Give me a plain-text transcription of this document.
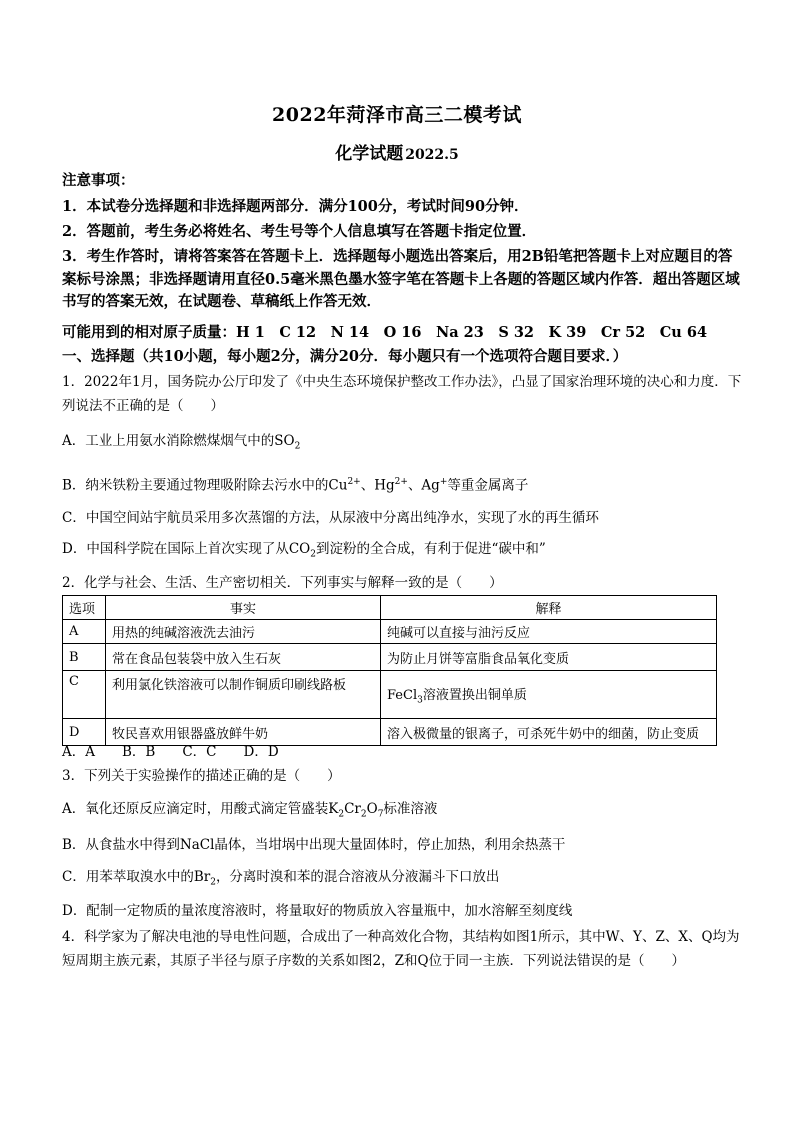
2022年菏泽市高三二模考试
化学试题 2022.5
注意事项：
1．本试卷分选择题和非选择题两部分．满分100分，考试时间90分钟．
2．答题前，考生务必将姓名、考生号等个人信息填写在答题卡指定位置．
3．考生作答时，请将答案答在答题卡上．选择题每小题选出答案后，用2B铅笔把答题卡上对应题目的答案标号涂黑；非选择题请用直径0.5毫米黑色墨水签字笔在答题卡上各题的答题区域内作答．超出答题区域书写的答案无效，在试题卷、草稿纸上作答无效．
可能用到的相对原子质量：H 1　C 12　N 14　O 16　Na 23　S 32　K 39　Cr 52　Cu 64
一、选择题（共10小题，每小题2分，满分20分．每小题只有一个选项符合题目要求．）
1．2022年1月，国务院办公厅印发了《中央生态环境保护整改工作办法》，凸显了国家治理环境的决心和力度．下列说法不正确的是（　　）
A．工业上用氨水消除燃煤烟气中的$SO_2$
B．纳米铁粉主要通过物理吸附除去污水中的$Cu^{2+}$、$Hg^{2+}$、Ag+等重金属离子
C．中国空间站宇航员采用多次蒸馏的方法，从尿液中分离出纯净水，实现了水的再生循环
D．中国科学院在国际上首次实现了从$CO_2$到淀粉的全合成，有利于促进“碳中和”
2．化学与社会、生活、生产密切相关．下列事实与解释一致的是（　　）
选项	事实	解释
A	用热的纯碱溶液洗去油污	纯碱可以直接与油污反应
B	常在食品包装袋中放入生石灰	为防止月饼等富脂食品氧化变质
C	利用氯化铁溶液可以制作铜质印刷线路板	FeCl$_3$溶液置换出铜单质
D	牧民喜欢用银器盛放鲜牛奶	溶入极微量的银离子，可杀死牛奶中的细菌，防止变质
A．A　　B．B　　C．C　　D．D
3．下列关于实验操作的描述正确的是（　　）
A．氧化还原反应滴定时，用酸式滴定管盛装$K_2Cr_2O_7$标准溶液
B．从食盐水中得到NaCl晶体，当坩埚中出现大量固体时，停止加热，利用余热蒸干
C．用苯萃取溴水中的$Br_2$，分离时溴和苯的混合溶液从分液漏斗下口放出
D．配制一定物质的量浓度溶液时，将量取好的物质放入容量瓶中，加水溶解至刻度线
4．科学家为了解决电池的导电性问题，合成出了一种高效化合物，其结构如图1所示，其中W、Y、Z、X、Q均为短周期主族元素，其原子半径与原子序数的关系如图2，Z和Q位于同一主族．下列说法错误的是（　　）
